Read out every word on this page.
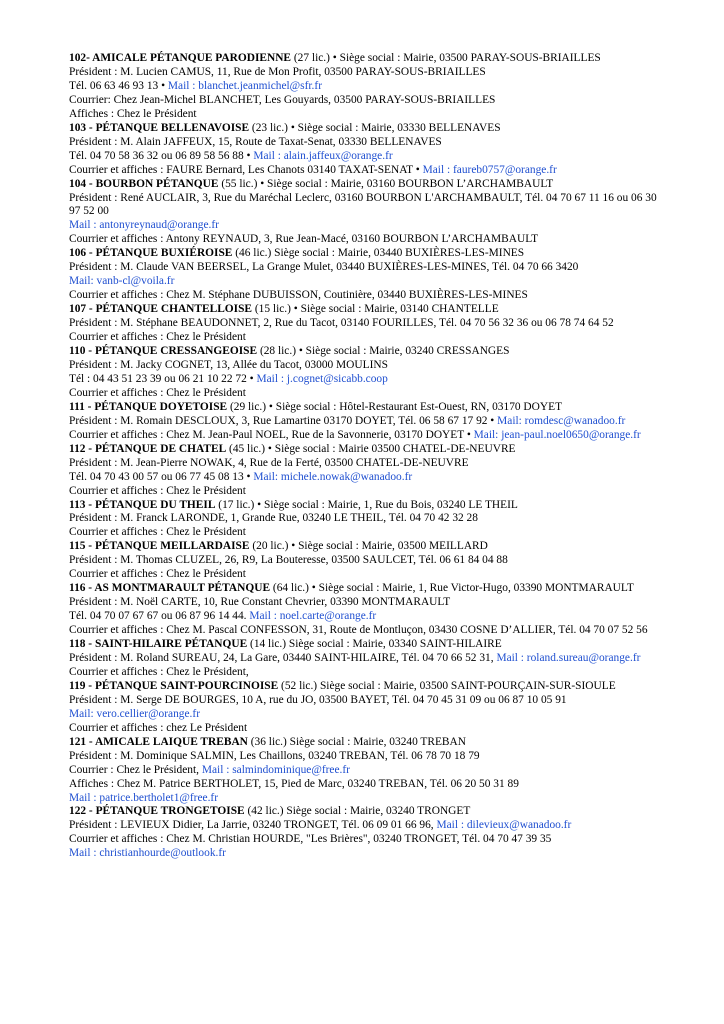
102- AMICALE PÉTANQUE PARODIENNE (27 lic.) • Siège social : Mairie, 03500 PARAY-SOUS-BRIAILLES
Président : M. Lucien CAMUS, 11, Rue de Mon Profit, 03500 PARAY-SOUS-BRIAILLES
Tél. 06 63 46 93 13 • Mail : blanchet.jeanmichel@sfr.fr
Courrier: Chez Jean-Michel BLANCHET, Les Gouyards, 03500 PARAY-SOUS-BRIAILLES
Affiches : Chez le Président
103 - PÉTANQUE BELLENAVOISE (23 lic.) • Siège social : Mairie, 03330 BELLENAVES
Président : M. Alain JAFFEUX, 15, Route de Taxat-Senat, 03330 BELLENAVES
Tél. 04 70 58 36 32 ou 06 89 58 56 88 • Mail : alain.jaffeux@orange.fr
Courrier et affiches : FAURE Bernard, Les Chanots 03140 TAXAT-SENAT • Mail : faureb0757@orange.fr
104 - BOURBON PÉTANQUE (55 lic.) • Siège social : Mairie, 03160 BOURBON L’ARCHAMBAULT
Président : René AUCLAIR, 3, Rue du Maréchal Leclerc, 03160 BOURBON L'ARCHAMBAULT, Tél. 04 70 67 11 16 ou 06 30 97 52 00
Mail : antonyreynaud@orange.fr
Courrier et affiches : Antony REYNAUD, 3, Rue Jean-Macé, 03160 BOURBON L’ARCHAMBAULT
106 - PÉTANQUE BUXIÉROISE (46 lic.) Siège social : Mairie, 03440 BUXIÈRES-LES-MINES
Président : M. Claude VAN BEERSEL, La Grange Mulet, 03440 BUXIÈRES-LES-MINES, Tél. 04 70 66 3420
Mail: vanb-cl@voila.fr
Courrier et affiches : Chez M. Stéphane DUBUISSON, Coutinière, 03440 BUXIÈRES-LES-MINES
107 - PÉTANQUE CHANTELLOISE (15 lic.) • Siège social : Mairie, 03140 CHANTELLE
Président : M. Stéphane BEAUDONNET, 2, Rue du Tacot, 03140 FOURILLES, Tél. 04 70 56 32 36 ou 06 78 74 64 52
Courrier et affiches : Chez le Président
110 - PÉTANQUE CRESSANGEOISE (28 lic.) • Siège social : Mairie, 03240 CRESSANGES
Président : M. Jacky COGNET, 13, Allée du Tacot, 03000 MOULINS
Tél : 04 43 51 23 39 ou 06 21 10 22 72 • Mail : j.cognet@sicabb.coop
Courrier et affiches : Chez le Président
111 - PÉTANQUE DOYETOISE (29 lic.) • Siège social : Hôtel-Restaurant Est-Ouest, RN, 03170 DOYET
Président : M. Romain DESCLOUX, 3, Rue Lamartine 03170 DOYET, Tél. 06 58 67 17 92 • Mail: romdesc@wanadoo.fr
Courrier et affiches : Chez M. Jean-Paul NOEL, Rue de la Savonnerie, 03170 DOYET • Mail: jean-paul.noel0650@orange.fr
112 - PÉTANQUE DE CHATEL (45 lic.) • Siège social : Mairie 03500 CHATEL-DE-NEUVRE
Président : M. Jean-Pierre NOWAK, 4, Rue de la Ferté, 03500 CHATEL-DE-NEUVRE
Tél. 04 70 43 00 57 ou 06 77 45 08 13 • Mail: michele.nowak@wanadoo.fr
Courrier et affiches : Chez le Président
113 - PÉTANQUE DU THEIL (17 lic.) • Siège social : Mairie, 1, Rue du Bois, 03240 LE THEIL
Président : M. Franck LARONDE, 1, Grande Rue, 03240 LE THEIL, Tél. 04 70 42 32 28
Courrier et affiches : Chez le Président
115 - PÉTANQUE MEILLARDAISE (20 lic.) • Siège social : Mairie, 03500 MEILLARD
Président : M. Thomas CLUZEL, 26, R9, La Bouteresse, 03500 SAULCET, Tél. 06 61 84 04 88
Courrier et affiches : Chez le Président
116 - AS MONTMARAULT PÉTANQUE (64 lic.) • Siège social : Mairie, 1, Rue Victor-Hugo, 03390 MONTMARAULT
Président : M. Noël CARTE, 10, Rue Constant Chevrier, 03390 MONTMARAULT
Tél. 04 70 07 67 67 ou 06 87 96 14 44. Mail : noel.carte@orange.fr
Courrier et affiches : Chez M. Pascal CONFESSON, 31, Route de Montluçon, 03430 COSNE D’ALLIER, Tél. 04 70 07 52 56
118 - SAINT-HILAIRE PÉTANQUE (14 lic.) Siège social : Mairie, 03340 SAINT-HILAIRE
Président : M. Roland SUREAU, 24, La Gare, 03440 SAINT-HILAIRE, Tél. 04 70 66 52 31, Mail : roland.sureau@orange.fr
Courrier et affiches : Chez le Président,
119 - PÉTANQUE SAINT-POURCINOISE (52 lic.) Siège social : Mairie, 03500 SAINT-POURÇAIN-SUR-SIOULE
Président : M. Serge DE BOURGES, 10 A, rue du JO, 03500 BAYET, Tél. 04 70 45 31 09 ou 06 87 10 05 91
Mail: vero.cellier@orange.fr
Courrier et affiches : chez Le Président
121 - AMICALE LAIQUE TREBAN (36 lic.) Siège social : Mairie, 03240 TREBAN
Président : M. Dominique SALMIN, Les Chaillons, 03240 TREBAN, Tél. 06 78 70 18 79
Courrier : Chez le Président, Mail : salmindominique@free.fr
Affiches : Chez M. Patrice BERTHOLET, 15, Pied de Marc, 03240 TREBAN, Tél. 06 20 50 31 89
Mail : patrice.bertholet1@free.fr
122 - PÉTANQUE TRONGETOISE (42 lic.) Siège social : Mairie, 03240 TRONGET
Président : LEVIEUX Didier, La Jarrie, 03240 TRONGET, Tél. 06 09 01 66 96, Mail : dilevieux@wanadoo.fr
Courrier et affiches : Chez M. Christian HOURDE, "Les Brières", 03240 TRONGET, Tél. 04 70 47 39 35
Mail : christianhourde@outlook.fr
